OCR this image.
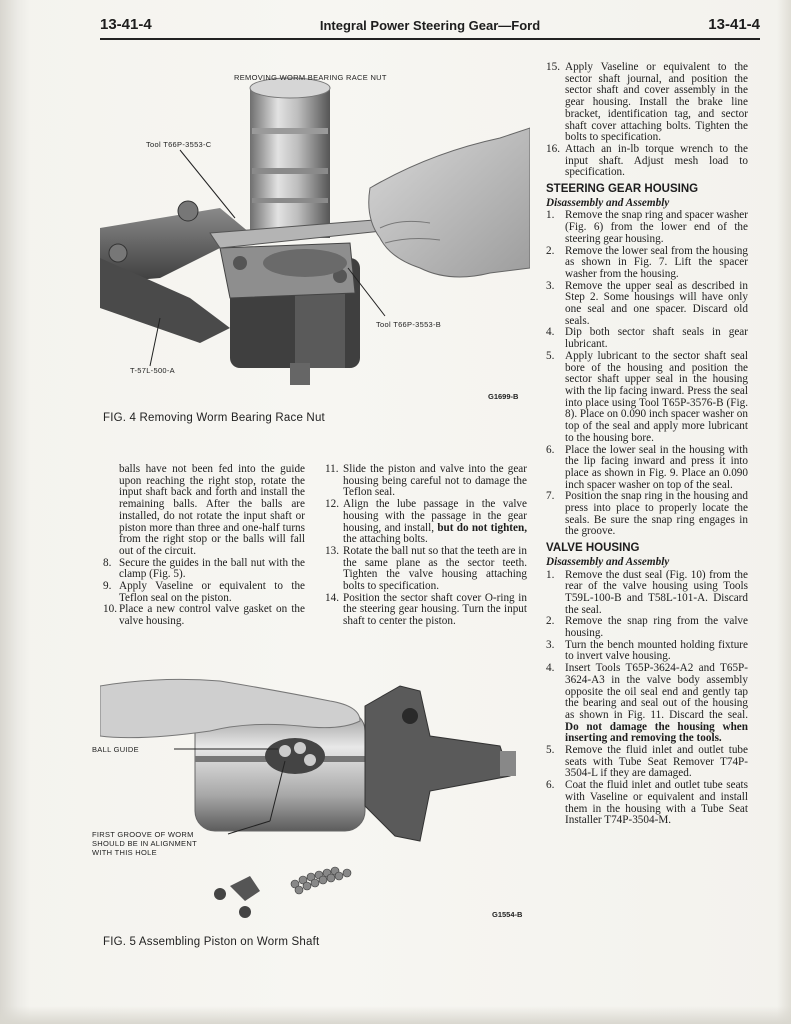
13-41-4	Integral Power Steering Gear—Ford	13-41-4
REMOVING WORM BEARING RACE NUT
Tool T66P-3553-C
Tool T66P-3553-B
T-57L-500-A
G1699-B
FIG. 4 Removing Worm Bearing Race Nut

balls have not been fed into the guide upon reaching the right stop, rotate the input shaft back and forth and install the remaining balls. After the balls are installed, do not rotate the input shaft or piston more than three and one-half turns from the right stop or the balls will fall out of the circuit.

8. Secure the guides in the ball nut with the clamp (Fig. 5).
9. Apply Vaseline or equivalent to the Teflon seal on the piston.
10. Place a new control valve gasket on the valve housing.
11. Slide the piston and valve into the gear housing being careful not to damage the Teflon seal.
12. Align the lube passage in the valve housing with the passage in the gear housing, and install, but do not tighten, the attaching bolts.
13. Rotate the ball nut so that the teeth are in the same plane as the sector teeth. Tighten the valve housing attaching bolts to specification.
14. Position the sector shaft cover O-ring in the steering gear housing. Turn the input shaft to center the piston.
BALL GUIDE
FIRST GROOVE OF WORM
SHOULD BE IN ALIGNMENT
WITH THIS HOLE
G1554-B
FIG. 5 Assembling Piston on Worm Shaft
15. Apply Vaseline or equivalent to the sector shaft journal, and position the sector shaft and cover assembly in the gear housing. Install the brake line bracket, identification tag, and sector shaft cover attaching bolts. Tighten the bolts to specification.
16. Attach an in-lb torque wrench to the input shaft. Adjust mesh load to specification.
STEERING GEAR HOUSING
Disassembly and Assembly
1. Remove the snap ring and spacer washer (Fig. 6) from the lower end of the steering gear housing.
2. Remove the lower seal from the housing as shown in Fig. 7. Lift the spacer washer from the housing.
3. Remove the upper seal as described in Step 2. Some housings will have only one seal and one spacer. Discard old seals.
4. Dip both sector shaft seals in gear lubricant.
5. Apply lubricant to the sector shaft seal bore of the housing and position the sector shaft upper seal in the housing with the lip facing inward. Press the seal into place using Tool T65P-3576-B (Fig. 8). Place on 0.090 inch spacer washer on top of the seal and apply more lubricant to the housing bore.
6. Place the lower seal in the housing with the lip facing inward and press it into place as shown in Fig. 9. Place an 0.090 inch spacer washer on top of the seal.
7. Position the snap ring in the housing and press into place to properly locate the seals. Be sure the snap ring engages in the groove.
VALVE HOUSING
Disassembly and Assembly
1. Remove the dust seal (Fig. 10) from the rear of the valve housing using Tools T59L-100-B and T58L-101-A. Discard the seal.
2. Remove the snap ring from the valve housing.
3. Turn the bench mounted holding fixture to invert valve housing.
4. Insert Tools T65P-3624-A2 and T65P-3624-A3 in the valve body assembly opposite the oil seal end and gently tap the bearing and seal out of the housing as shown in Fig. 11. Discard the seal. Do not damage the housing when inserting and removing the tools.
5. Remove the fluid inlet and outlet tube seats with Tube Seat Remover T74P-3504-L if they are damaged.
6. Coat the fluid inlet and outlet tube seats with Vaseline or equivalent and install them in the housing with a Tube Seat Installer T74P-3504-M.
